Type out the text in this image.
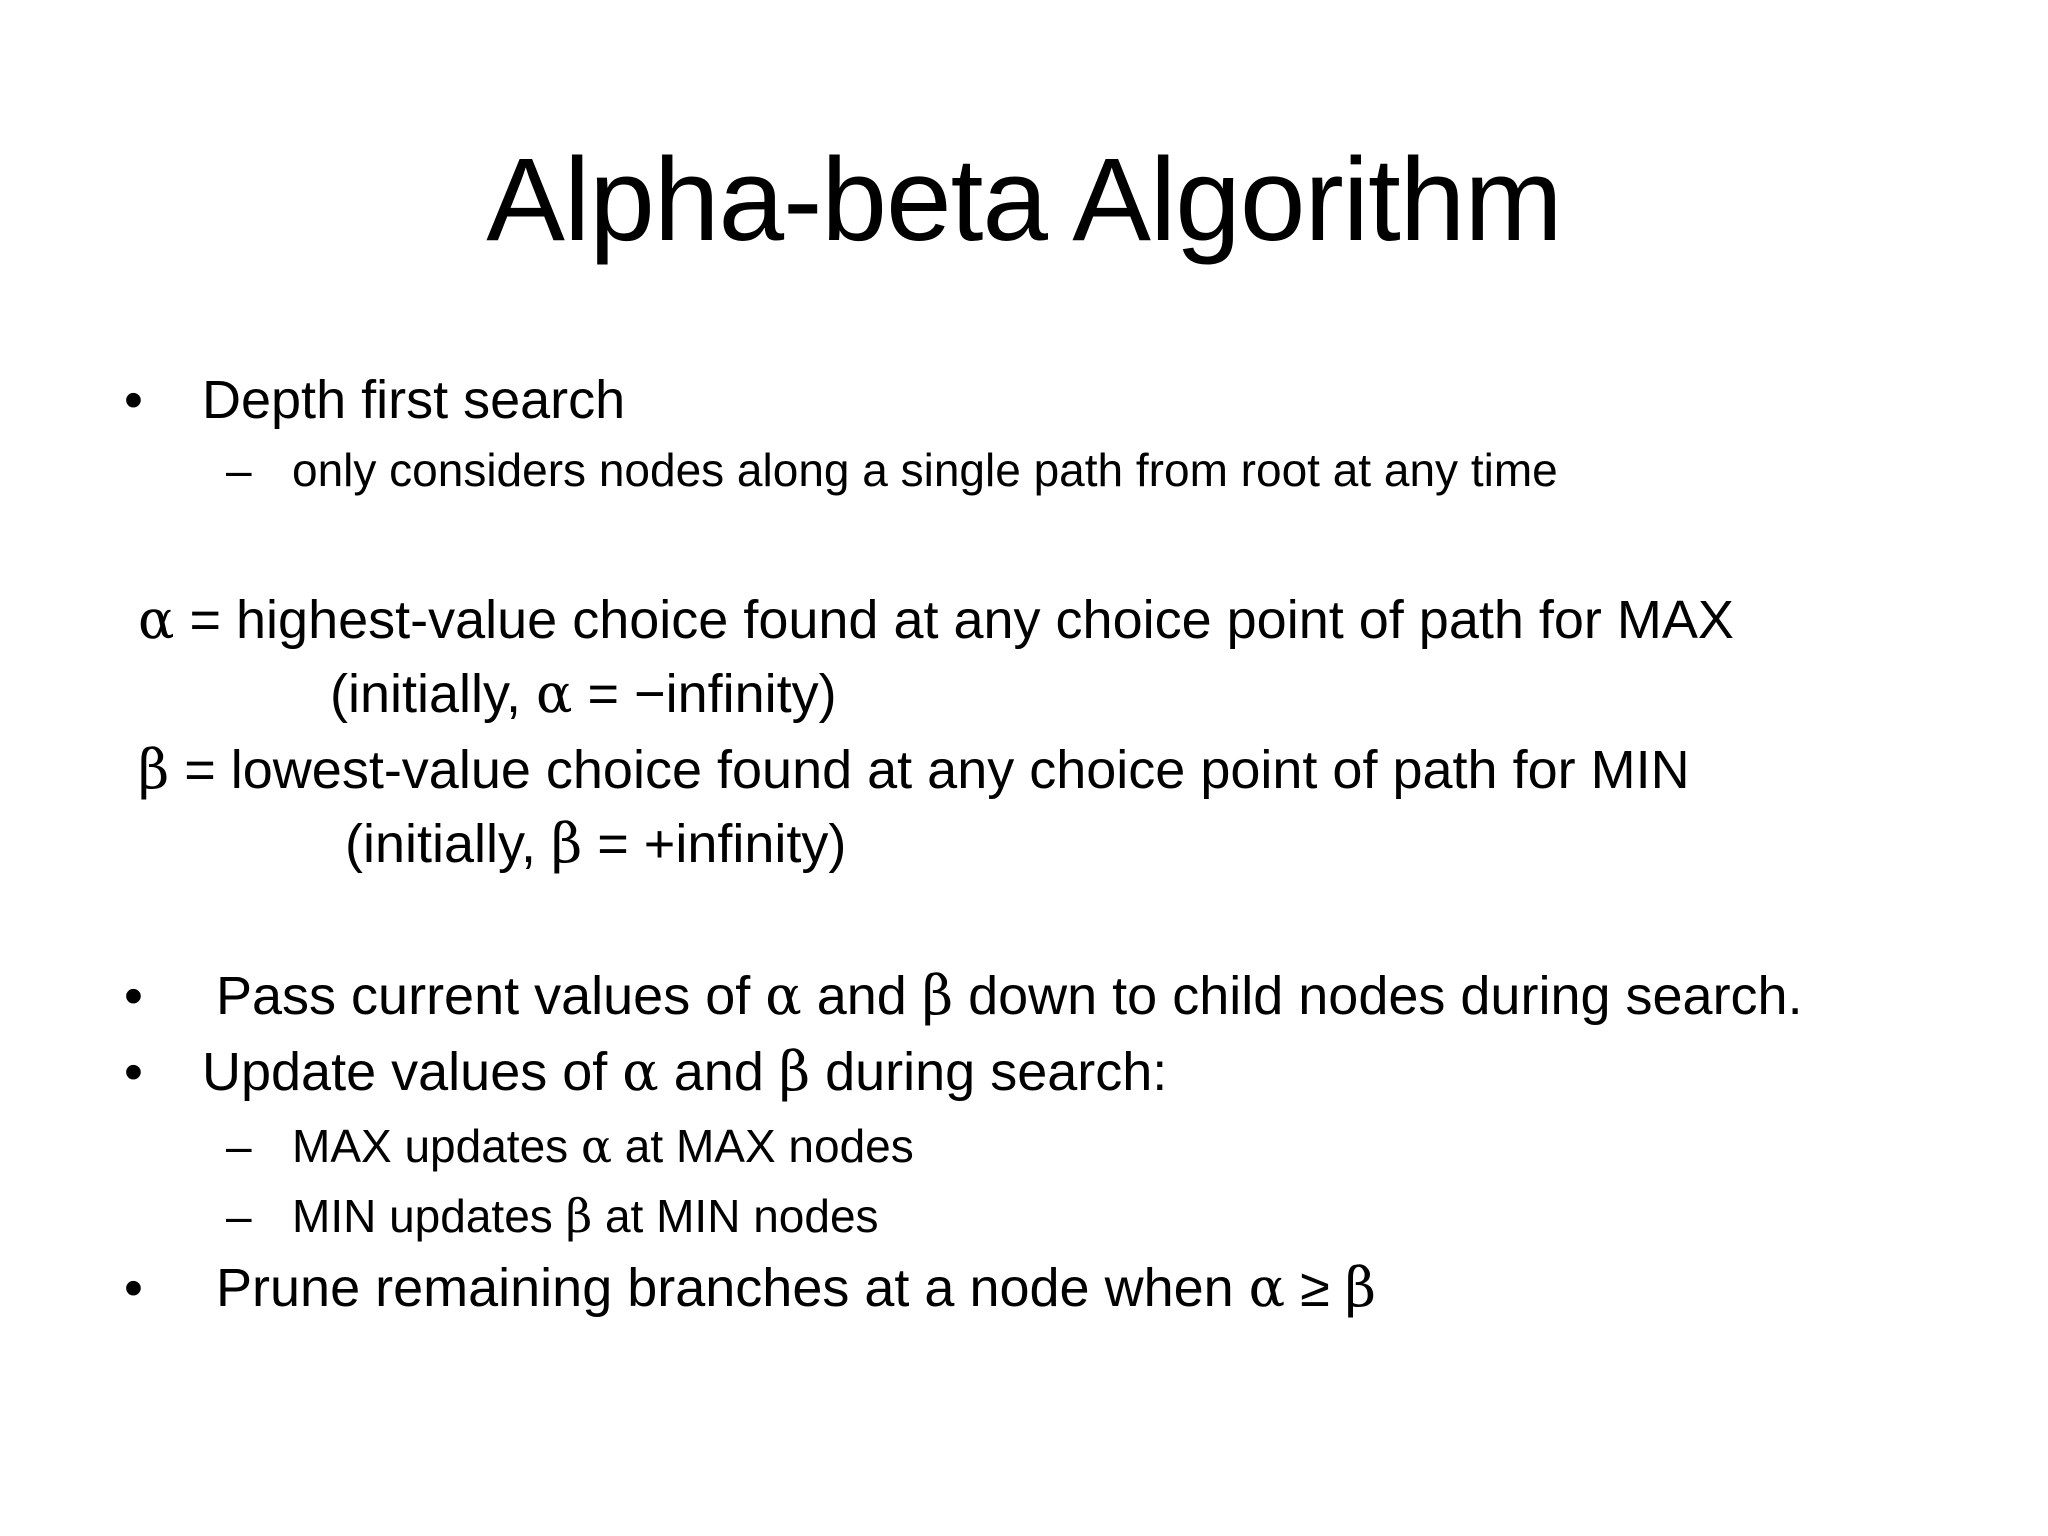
Alpha-beta Algorithm
• Depth first search
– only considers nodes along a single path from root at any time
α = highest-value choice found at any choice point of path for MAX
(initially, α = −infinity)
β = lowest-value choice found at any choice point of path for MIN
(initially, β = +infinity)
• Pass current values of α and β down to child nodes during search.
• Update values of α and β during search:
– MAX updates α at MAX nodes
– MIN updates β at MIN nodes
• Prune remaining branches at a node when α ≥ β
